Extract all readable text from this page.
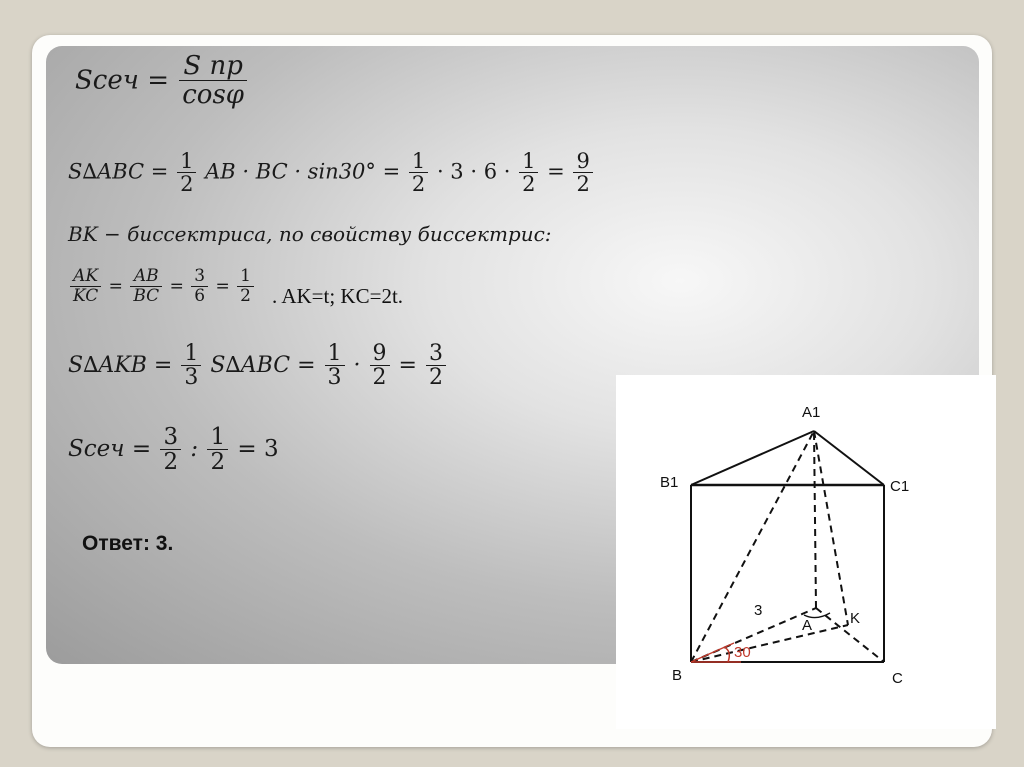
Sсеч = $\frac{\text{S пр}}{\cos\varphi}$
$S\Delta ABC = \frac{1}{2}$ AB · BC · $\sin 30^\circ = \frac{1}{2} \cdot 3 \cdot 6 \cdot \frac{1}{2} = \frac{9}{2}$
BK − биссектриса, по свойству биссектрис:
$\frac{AK}{KC} = \frac{AB}{BC} = \frac{3}{6} = \frac{1}{2}$ . AK=t; KC=2t.
$S\Delta AKB = \frac{1}{3} S\Delta ABC = \frac{1}{3} \cdot \frac{9}{2} = \frac{3}{2}$
Sсеч = $\frac{3}{2}$ : $\frac{1}{2} = 3$
Ответ: 3.
A1
B1	C1
B	C
A	K
3
30
